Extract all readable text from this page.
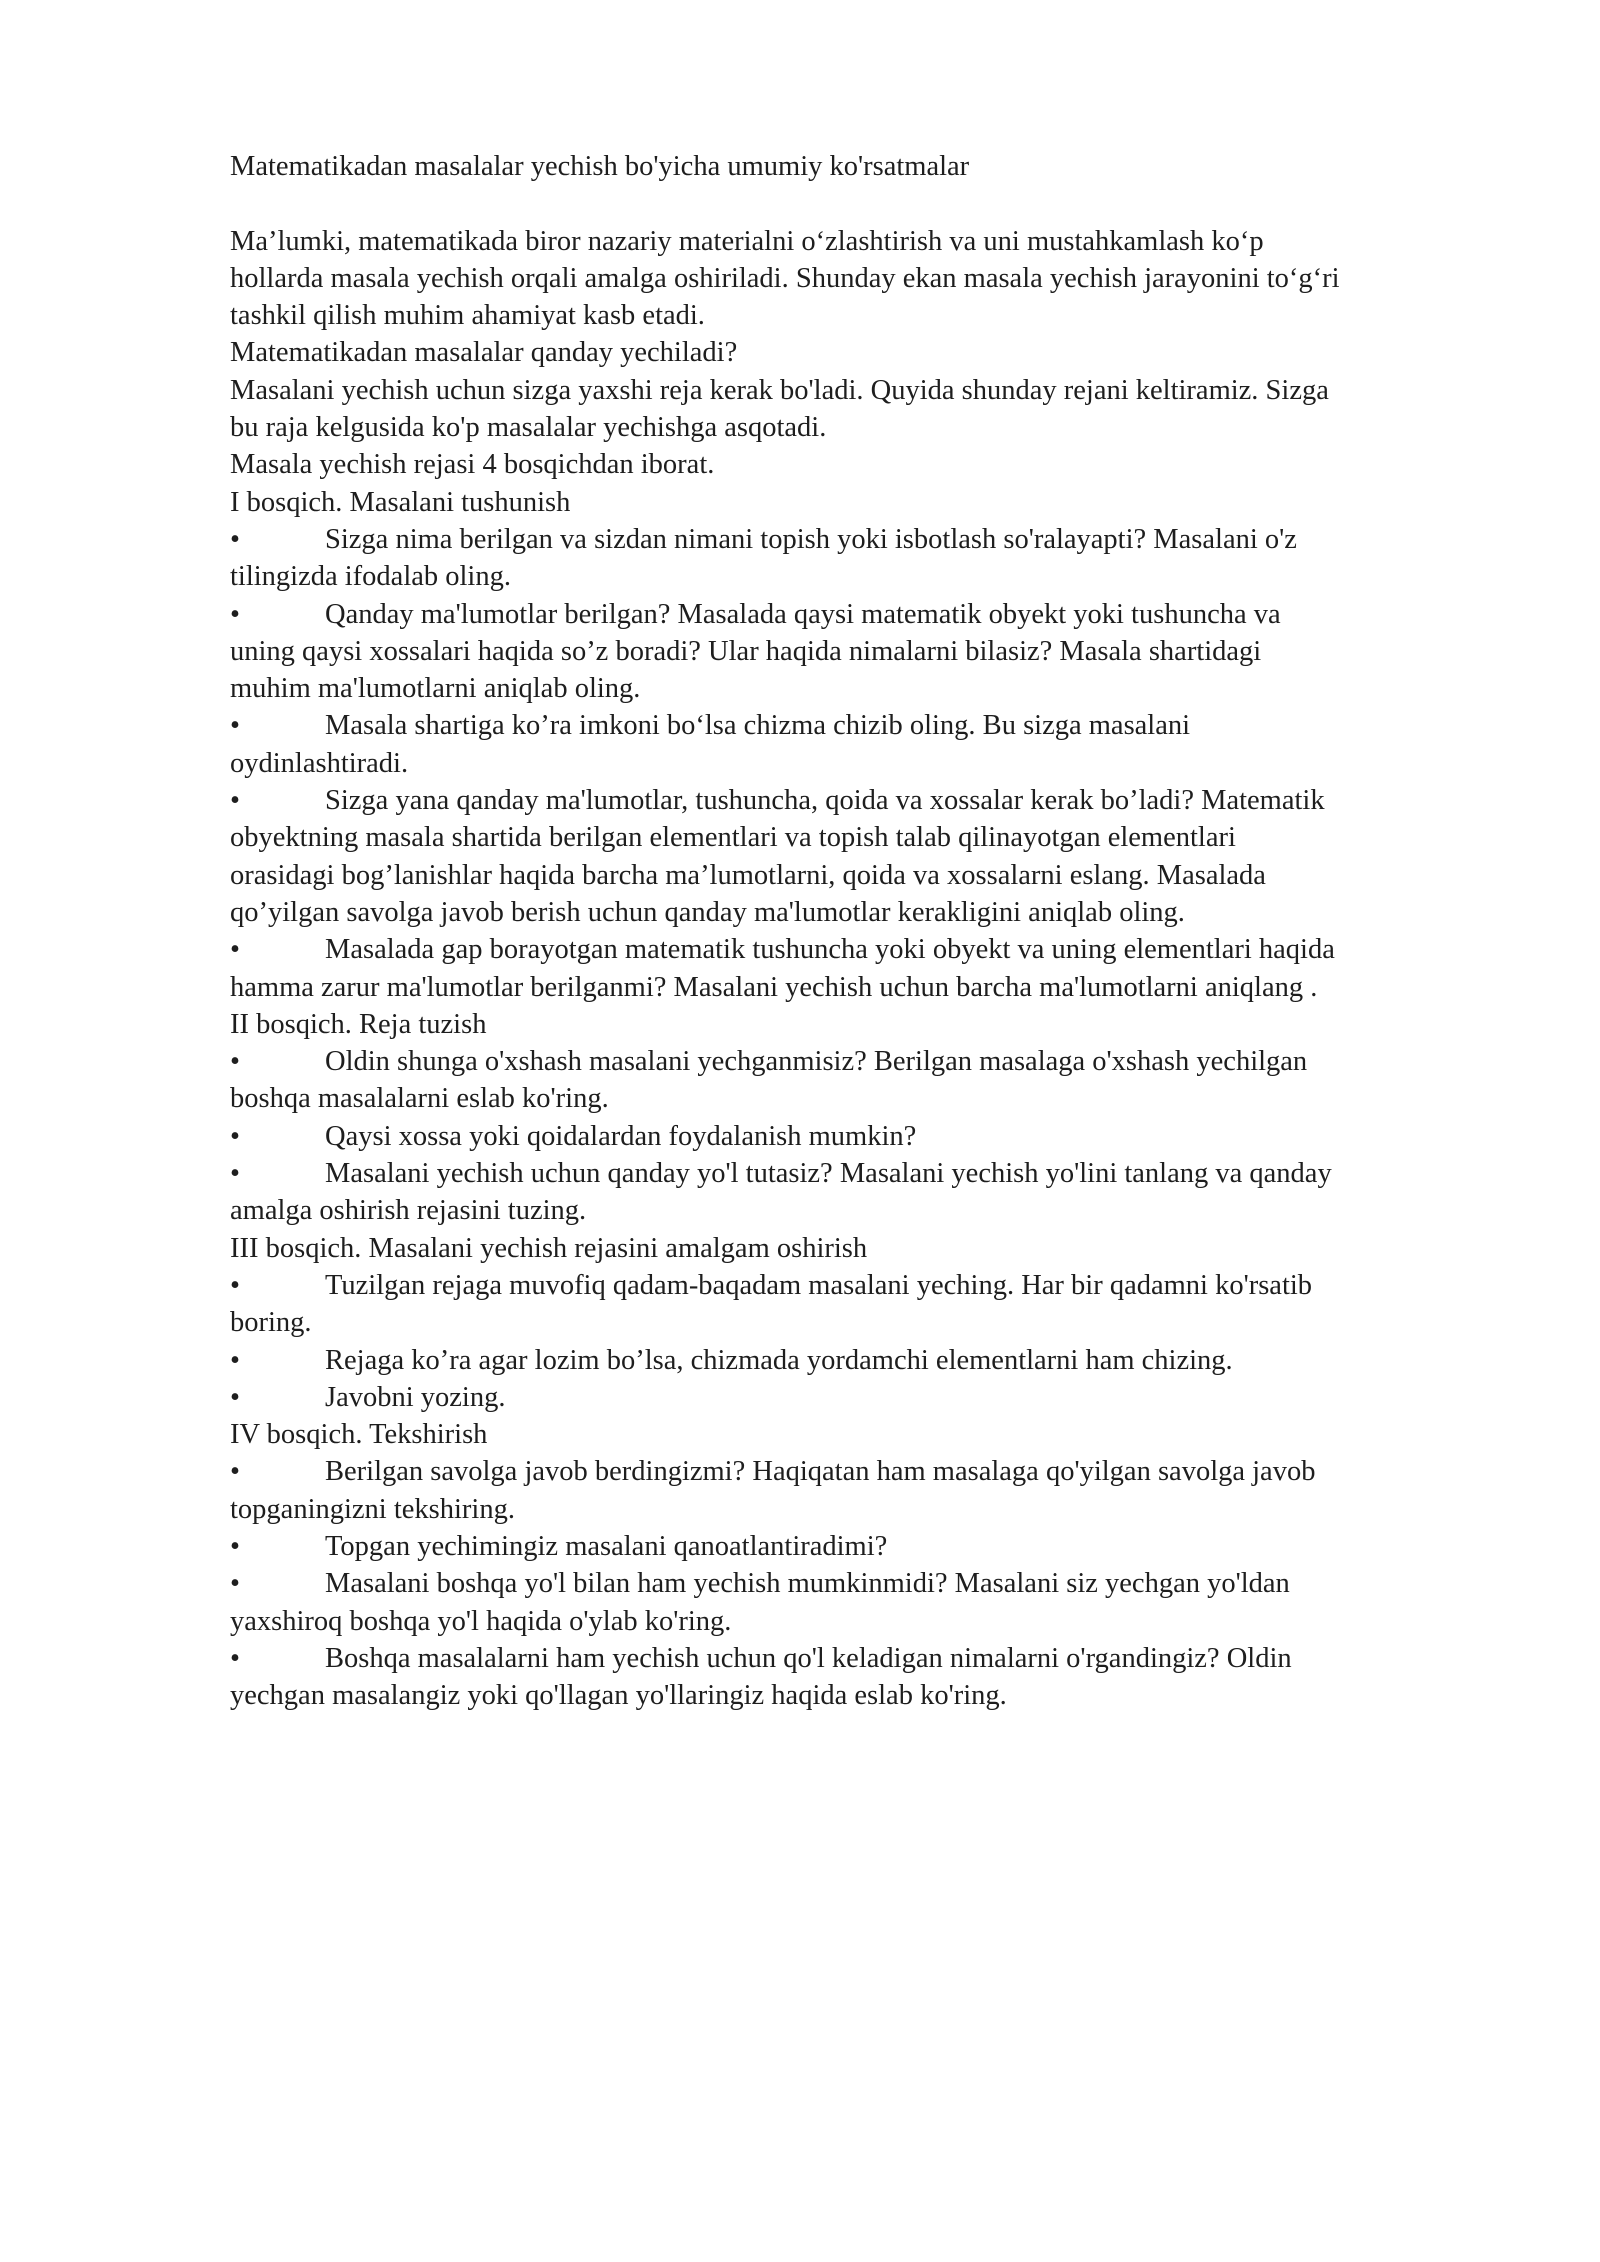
Matematikadan masalalar yechish bo'yicha umumiy ko'rsatmalar
Ma’lumki, matematikada biror nazariy materialni o‘zlashtirish va uni mustahkamlash ko‘p
hollarda masala yechish orqali amalga oshiriladi. Shunday ekan masala yechish jarayonini to‘g‘ri
tashkil qilish muhim ahamiyat kasb etadi.
Matematikadan masalalar qanday yechiladi?
Masalani yechish uchun sizga yaxshi reja kerak bo'ladi. Quyida shunday rejani keltiramiz. Sizga
bu raja kelgusida ko'p masalalar yechishga asqotadi.
Masala yechish rejasi 4 bosqichdan iborat.
I bosqich. Masalani tushunish
•	Sizga nima berilgan va sizdan nimani topish yoki isbotlash so'ralayapti? Masalani o'z
tilingizda ifodalab oling.
•	Qanday ma'lumotlar berilgan? Masalada qaysi matematik obyekt yoki tushuncha va
uning qaysi xossalari haqida so’z boradi? Ular haqida nimalarni bilasiz? Masala shartidagi
muhim ma'lumotlarni aniqlab oling.
•	Masala shartiga ko’ra imkoni bo‘lsa chizma chizib oling. Bu sizga masalani
oydinlashtiradi.
•	Sizga yana qanday ma'lumotlar, tushuncha, qoida va xossalar kerak bo’ladi? Matematik
obyektning masala shartida berilgan elementlari va topish talab qilinayotgan elementlari
orasidagi bog’lanishlar haqida barcha ma’lumotlarni, qoida va xossalarni eslang. Masalada
qo’yilgan savolga javob berish uchun qanday ma'lumotlar kerakligini aniqlab oling.
•	Masalada gap borayotgan matematik tushuncha yoki obyekt va uning elementlari haqida
hamma zarur ma'lumotlar berilganmi? Masalani yechish uchun barcha ma'lumotlarni aniqlang .
II bosqich. Reja tuzish
•	Oldin shunga o'xshash masalani yechganmisiz? Berilgan masalaga o'xshash yechilgan
boshqa masalalarni eslab ko'ring.
•	Qaysi xossa yoki qoidalardan foydalanish mumkin?
•	Masalani yechish uchun qanday yo'l tutasiz? Masalani yechish yo'lini tanlang va qanday
amalga oshirish rejasini tuzing.
III bosqich. Masalani yechish rejasini amalgam oshirish
•	Tuzilgan rejaga muvofiq qadam-baqadam masalani yeching. Har bir qadamni ko'rsatib
boring.
•	Rejaga ko’ra agar lozim bo’lsa, chizmada yordamchi elementlarni ham chizing.
•	Javobni yozing.
IV bosqich. Tekshirish
•	Berilgan savolga javob berdingizmi? Haqiqatan ham masalaga qo'yilgan savolga javob
topganingizni tekshiring.
•	Topgan yechimingiz masalani qanoatlantiradimi?
•	Masalani boshqa yo'l bilan ham yechish mumkinmidi? Masalani siz yechgan yo'ldan
yaxshiroq boshqa yo'l haqida o'ylab ko'ring.
•	Boshqa masalalarni ham yechish uchun qo'l keladigan nimalarni o'rgandingiz? Oldin
yechgan masalangiz yoki qo'llagan yo'llaringiz haqida eslab ko'ring.
